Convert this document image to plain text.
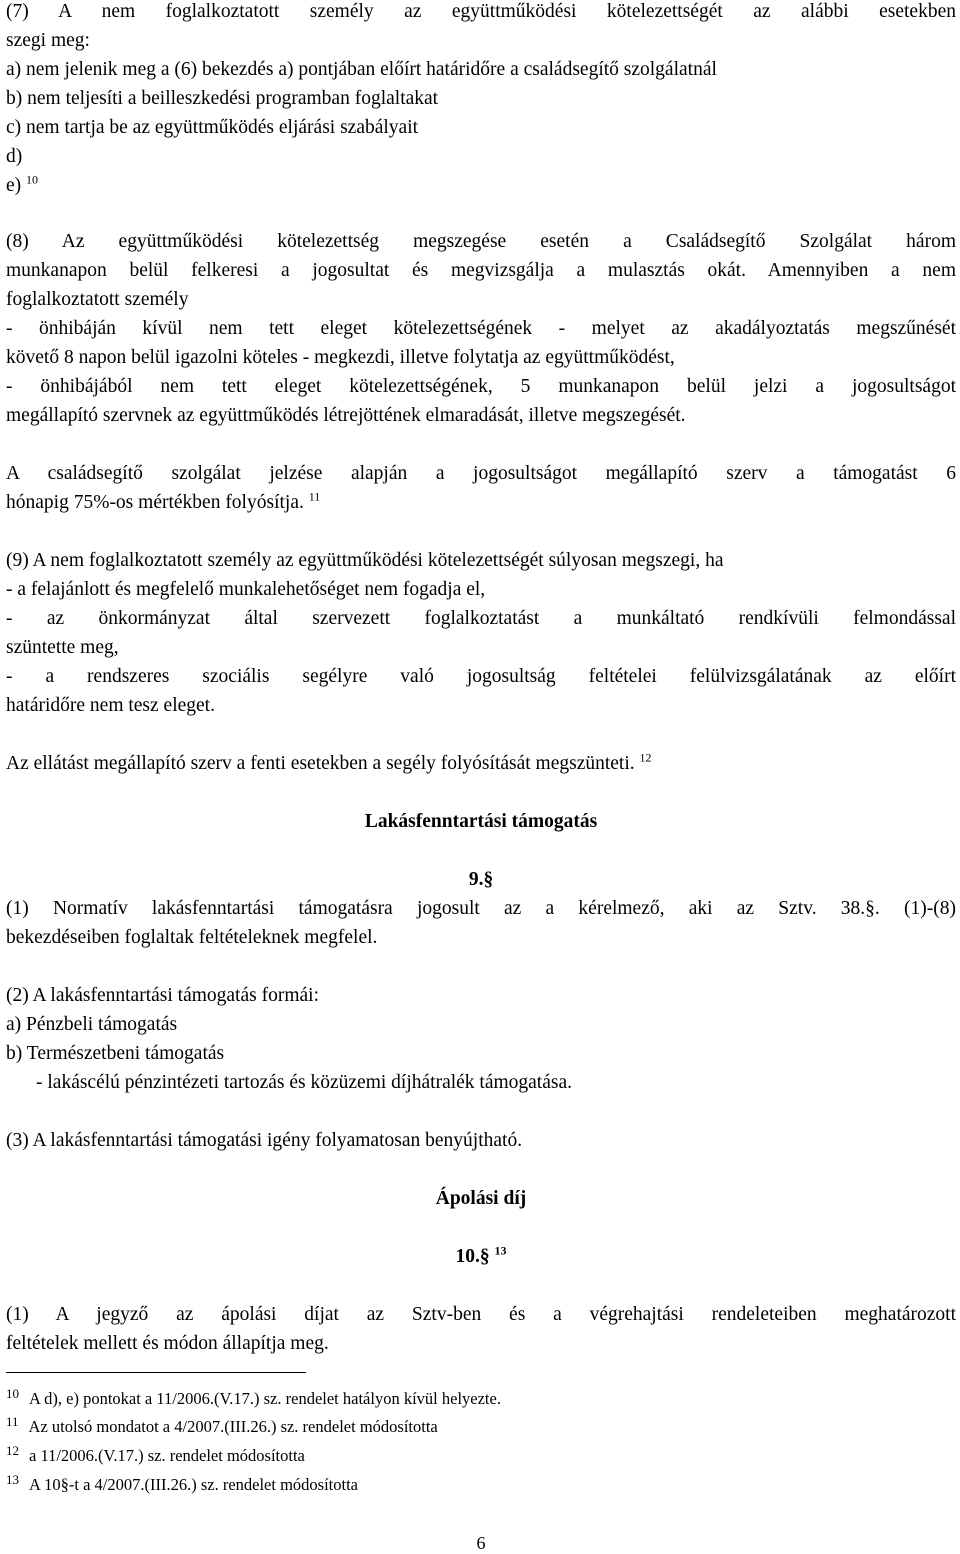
(7) A nem foglalkoztatott személy az együttműködési kötelezettségét az alábbi esetekben
szegi meg:
a) nem jelenik meg a (6) bekezdés a) pontjában előírt határidőre a családsegítő szolgálatnál
b) nem teljesíti a beilleszkedési programban foglaltakat
c) nem tartja be az együttműködés eljárási szabályait
d)
e) $^{10}$
(8) Az együttműködési kötelezettség megszegése esetén a Családsegítő Szolgálat három
munkanapon belül felkeresi a jogosultat és megvizsgálja a mulasztás okát. Amennyiben a nem
foglalkoztatott személy
- önhibáján kívül nem tett eleget kötelezettségének - melyet az akadályoztatás megszűnését
követő 8 napon belül igazolni köteles - megkezdi, illetve folytatja az együttműködést,
- önhibájából nem tett eleget kötelezettségének, 5 munkanapon belül jelzi a jogosultságot
megállapító szervnek az együttműködés létrejöttének elmaradását, illetve megszegését.
A családsegítő szolgálat jelzése alapján a jogosultságot megállapító szerv a támogatást 6
hónapig 75%-os mértékben folyósítja. $^{11}$
(9) A nem foglalkoztatott személy az együttműködési kötelezettségét súlyosan megszegi, ha
- a felajánlott és megfelelő munkalehetőséget nem fogadja el,
- az önkormányzat által szervezett foglalkoztatást a munkáltató rendkívüli felmondással
szüntette meg,
- a rendszeres szociális segélyre való jogosultság feltételei felülvizsgálatának az előírt
határidőre nem tesz eleget.
Az ellátást megállapító szerv a fenti esetekben a segély folyósítását megszünteti. $^{12}$
Lakásfenntartási támogatás
9.§
(1) Normatív lakásfenntartási támogatásra jogosult az a kérelmező, aki az Sztv. 38.§. (1)-(8)
bekezdéseiben foglaltak feltételeknek megfelel.
(2) A lakásfenntartási támogatás formái:
a) Pénzbeli támogatás
b) Természetbeni támogatás
- lakáscélú pénzintézeti tartozás és közüzemi díjhátralék támogatása.
(3) A lakásfenntartási támogatási igény folyamatosan benyújtható.
Ápolási díj
10.§ $^{13}$
(1) A jegyző az ápolási díjat az Sztv-ben és a végrehajtási rendeleteiben meghatározott
feltételek mellett és módon állapítja meg.
$^{10}$ A d), e) pontokat a 11/2006.(V.17.) sz. rendelet hatályon kívül helyezte.
$^{11}$ Az utolsó mondatot a 4/2007.(III.26.) sz. rendelet módosította
$^{12}$ a 11/2006.(V.17.) sz. rendelet módosította
$^{13}$ A 10§-t a 4/2007.(III.26.) sz. rendelet módosította
6
